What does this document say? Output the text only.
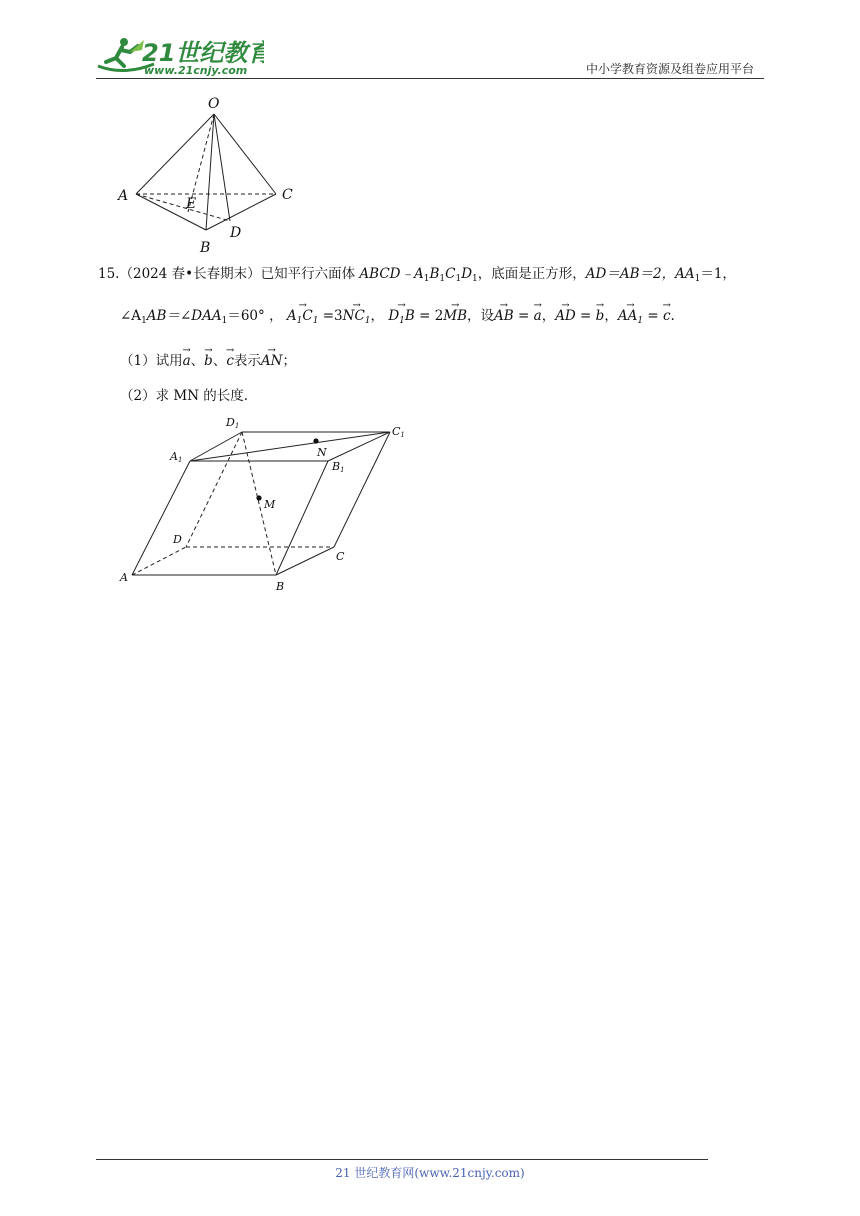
21世纪教育
www.21cnjy.com	中小学教育资源及组卷应用平台
O
A	E
C
D
B
15.（2024 春•长春期末）已知平行六面体 $ABCD﹣A_1B_1C_1D_1$，底面是正方形，AD＝AB＝2，$AA_1=1$，
$\angle A_1AB=\angle DAA_1=60^\circ$ ， → $A_1C_1 =3\to NC_1$， → $D_1B = 2\to$ MB，设→ AB = → a，→ AD = → b，→ $AA_1$ = → c.
（1）试用→ a、→ b、→ c表示→ AN；
（2）求 MN 的长度.
D1	C1
A1
N
B1
M
D
C
A
B
21 世纪教育网(www.21cnjy.com)
